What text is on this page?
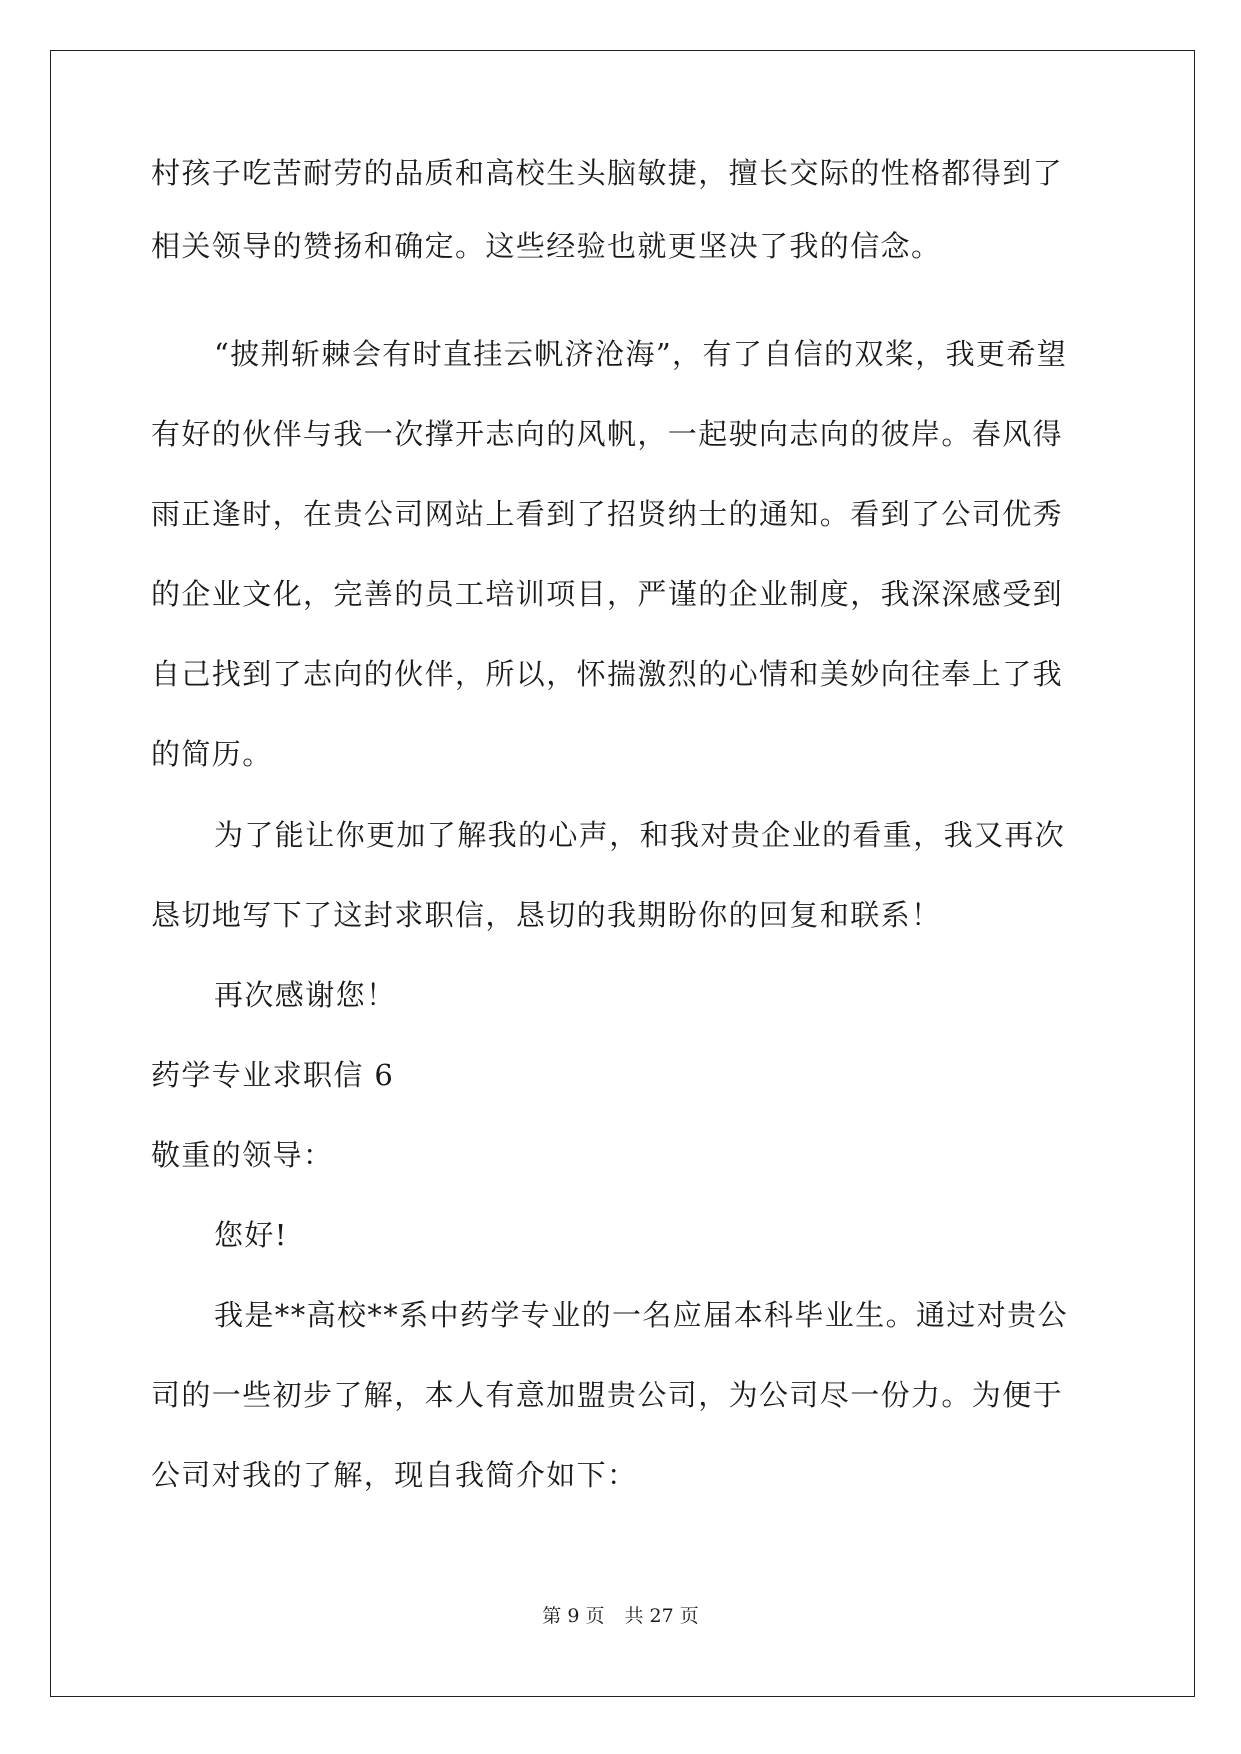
村孩子吃苦耐劳的品质和高校生头脑敏捷，擅长交际的性格都得到了
相关领导的赞扬和确定。这些经验也就更坚决了我的信念。
“披荆斩棘会有时直挂云帆济沧海”，有了自信的双桨，我更希望
有好的伙伴与我一次撑开志向的风帆，一起驶向志向的彼岸。春风得
雨正逢时，在贵公司网站上看到了招贤纳士的通知。看到了公司优秀
的企业文化，完善的员工培训项目，严谨的企业制度，我深深感受到
自己找到了志向的伙伴，所以，怀揣激烈的心情和美妙向往奉上了我
的简历。
为了能让你更加了解我的心声，和我对贵企业的看重，我又再次
恳切地写下了这封求职信，恳切的我期盼你的回复和联系！
再次感谢您！
药学专业求职信 6
敬重的领导：
您好!
我是**高校**系中药学专业的一名应届本科毕业生。通过对贵公
司的一些初步了解，本人有意加盟贵公司，为公司尽一份力。为便于
公司对我的了解，现自我简介如下：
第 9 页 共 27 页
